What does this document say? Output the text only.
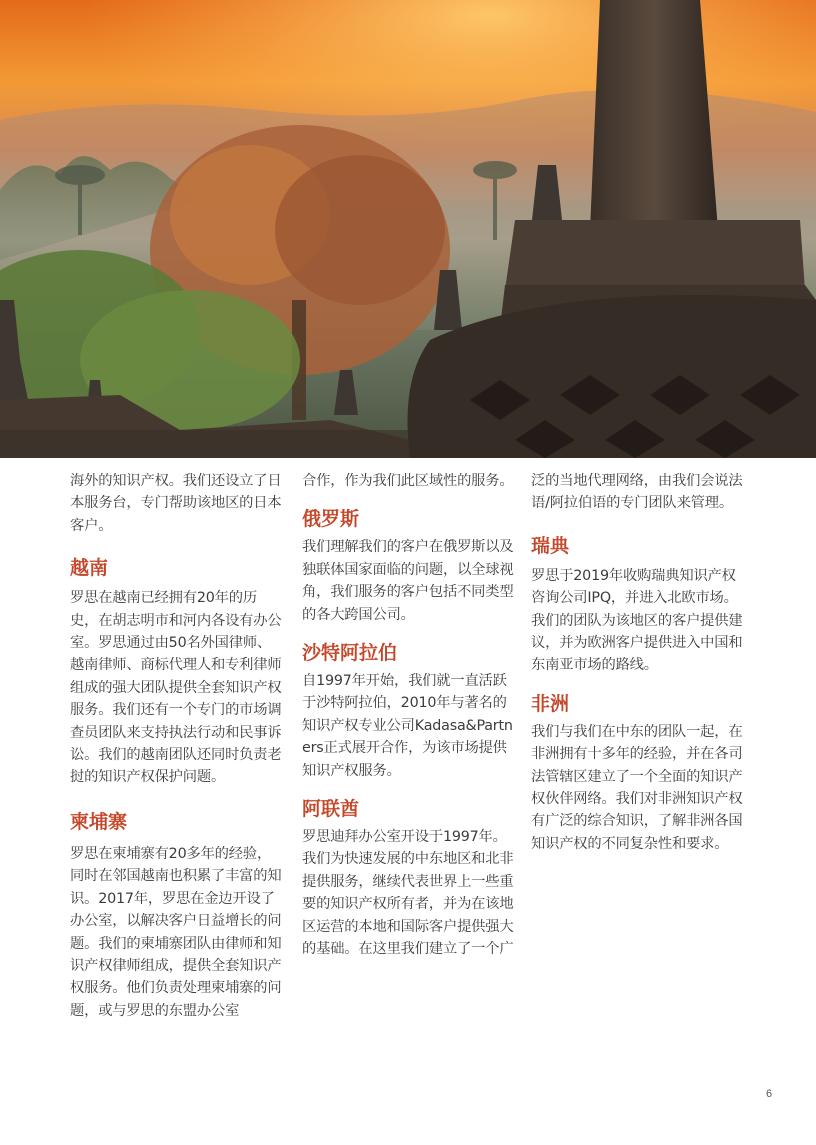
海外的知识产权。我们还设立了日本服务台，专门帮助该地区的日本客户。

越南

罗思在越南已经拥有20年的历史，在胡志明市和河内各设有办公室。罗思通过由50名外国律师、越南律师、商标代理人和专利律师组成的强大团队提供全套知识产权服务。我们还有一个专门的市场调查员团队来支持执法行动和民事诉讼。我们的越南团队还同时负责老挝的知识产权保护问题。

柬埔寨

罗思在柬埔寨有20多年的经验，同时在邻国越南也积累了丰富的知识。2017年，罗思在金边开设了办公室，以解决客户日益增长的问题。我们的柬埔寨团队由律师和知识产权律师组成，提供全套知识产权服务。他们负责处理柬埔寨的问题，或与罗思的东盟办公室

合作，作为我们此区域性的服务。

俄罗斯

我们理解我们的客户在俄罗斯以及独联体国家面临的问题，以全球视角，我们服务的客户包括不同类型的各大跨国公司。

沙特阿拉伯

自1997年开始，我们就一直活跃于沙特阿拉伯，2010年与著名的知识产权专业公司Kadasa&Partners正式展开合作，为该市场提供知识产权服务。

阿联酋

罗思迪拜办公室开设于1997年。我们为快速发展的中东地区和北非提供服务，继续代表世界上一些重要的知识产权所有者，并为在该地区运营的本地和国际客户提供强大的基础。在这里我们建立了一个广

泛的当地代理网络，由我们会说法语/阿拉伯语的专门团队来管理。

瑞典

罗思于2019年收购瑞典知识产权咨询公司IPQ，并进入北欧市场。我们的团队为该地区的客户提供建议，并为欧洲客户提供进入中国和东南亚市场的路线。

非洲

我们与我们在中东的团队一起，在非洲拥有十多年的经验，并在各司法管辖区建立了一个全面的知识产权伙伴网络。我们对非洲知识产权有广泛的综合知识，了解非洲各国知识产权的不同复杂性和要求。

6
